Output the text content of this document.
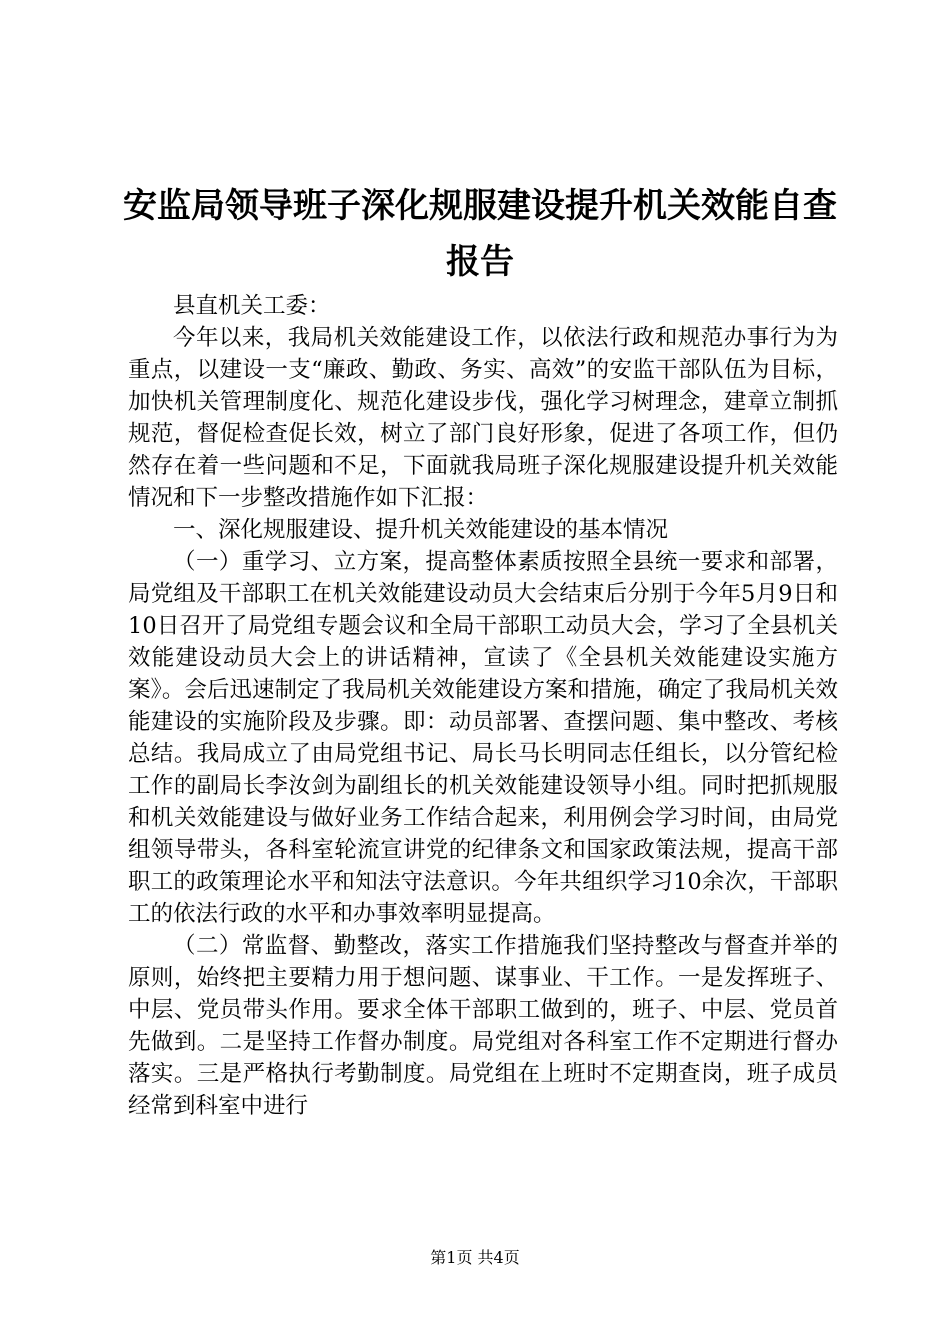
安监局领导班子深化规服建设提升机关效能自查报告

县直机关工委：

今年以来，我局机关效能建设工作，以依法行政和规范办事行为为重点，以建设一支“廉政、勤政、务实、高效”的安监干部队伍为目标，加快机关管理制度化、规范化建设步伐，强化学习树理念，建章立制抓规范，督促检查促长效，树立了部门良好形象，促进了各项工作，但仍然存在着一些问题和不足，下面就我局班子深化规服建设提升机关效能情况和下一步整改措施作如下汇报：

一、深化规服建设、提升机关效能建设的基本情况

（一）重学习、立方案，提高整体素质按照全县统一要求和部署，局党组及干部职工在机关效能建设动员大会结束后分别于今年5月9日和10日召开了局党组专题会议和全局干部职工动员大会，学习了全县机关效能建设动员大会上的讲话精神，宣读了《全县机关效能建设实施方案》。会后迅速制定了我局机关效能建设方案和措施，确定了我局机关效能建设的实施阶段及步骤。即：动员部署、查摆问题、集中整改、考核总结。我局成立了由局党组书记、局长马长明同志任组长，以分管纪检工作的副局长李汝剑为副组长的机关效能建设领导小组。同时把抓规服和机关效能建设与做好业务工作结合起来，利用例会学习时间，由局党组领导带头，各科室轮流宣讲党的纪律条文和国家政策法规，提高干部职工的政策理论水平和知法守法意识。今年共组织学习10余次，干部职工的依法行政的水平和办事效率明显提高。

（二）常监督、勤整改，落实工作措施我们坚持整改与督查并举的原则，始终把主要精力用于想问题、谋事业、干工作。一是发挥班子、中层、党员带头作用。要求全体干部职工做到的，班子、中层、党员首先做到。二是坚持工作督办制度。局党组对各科室工作不定期进行督办落实。三是严格执行考勤制度。局党组在上班时不定期查岗，班子成员经常到科室中进行

第1页 共4页
